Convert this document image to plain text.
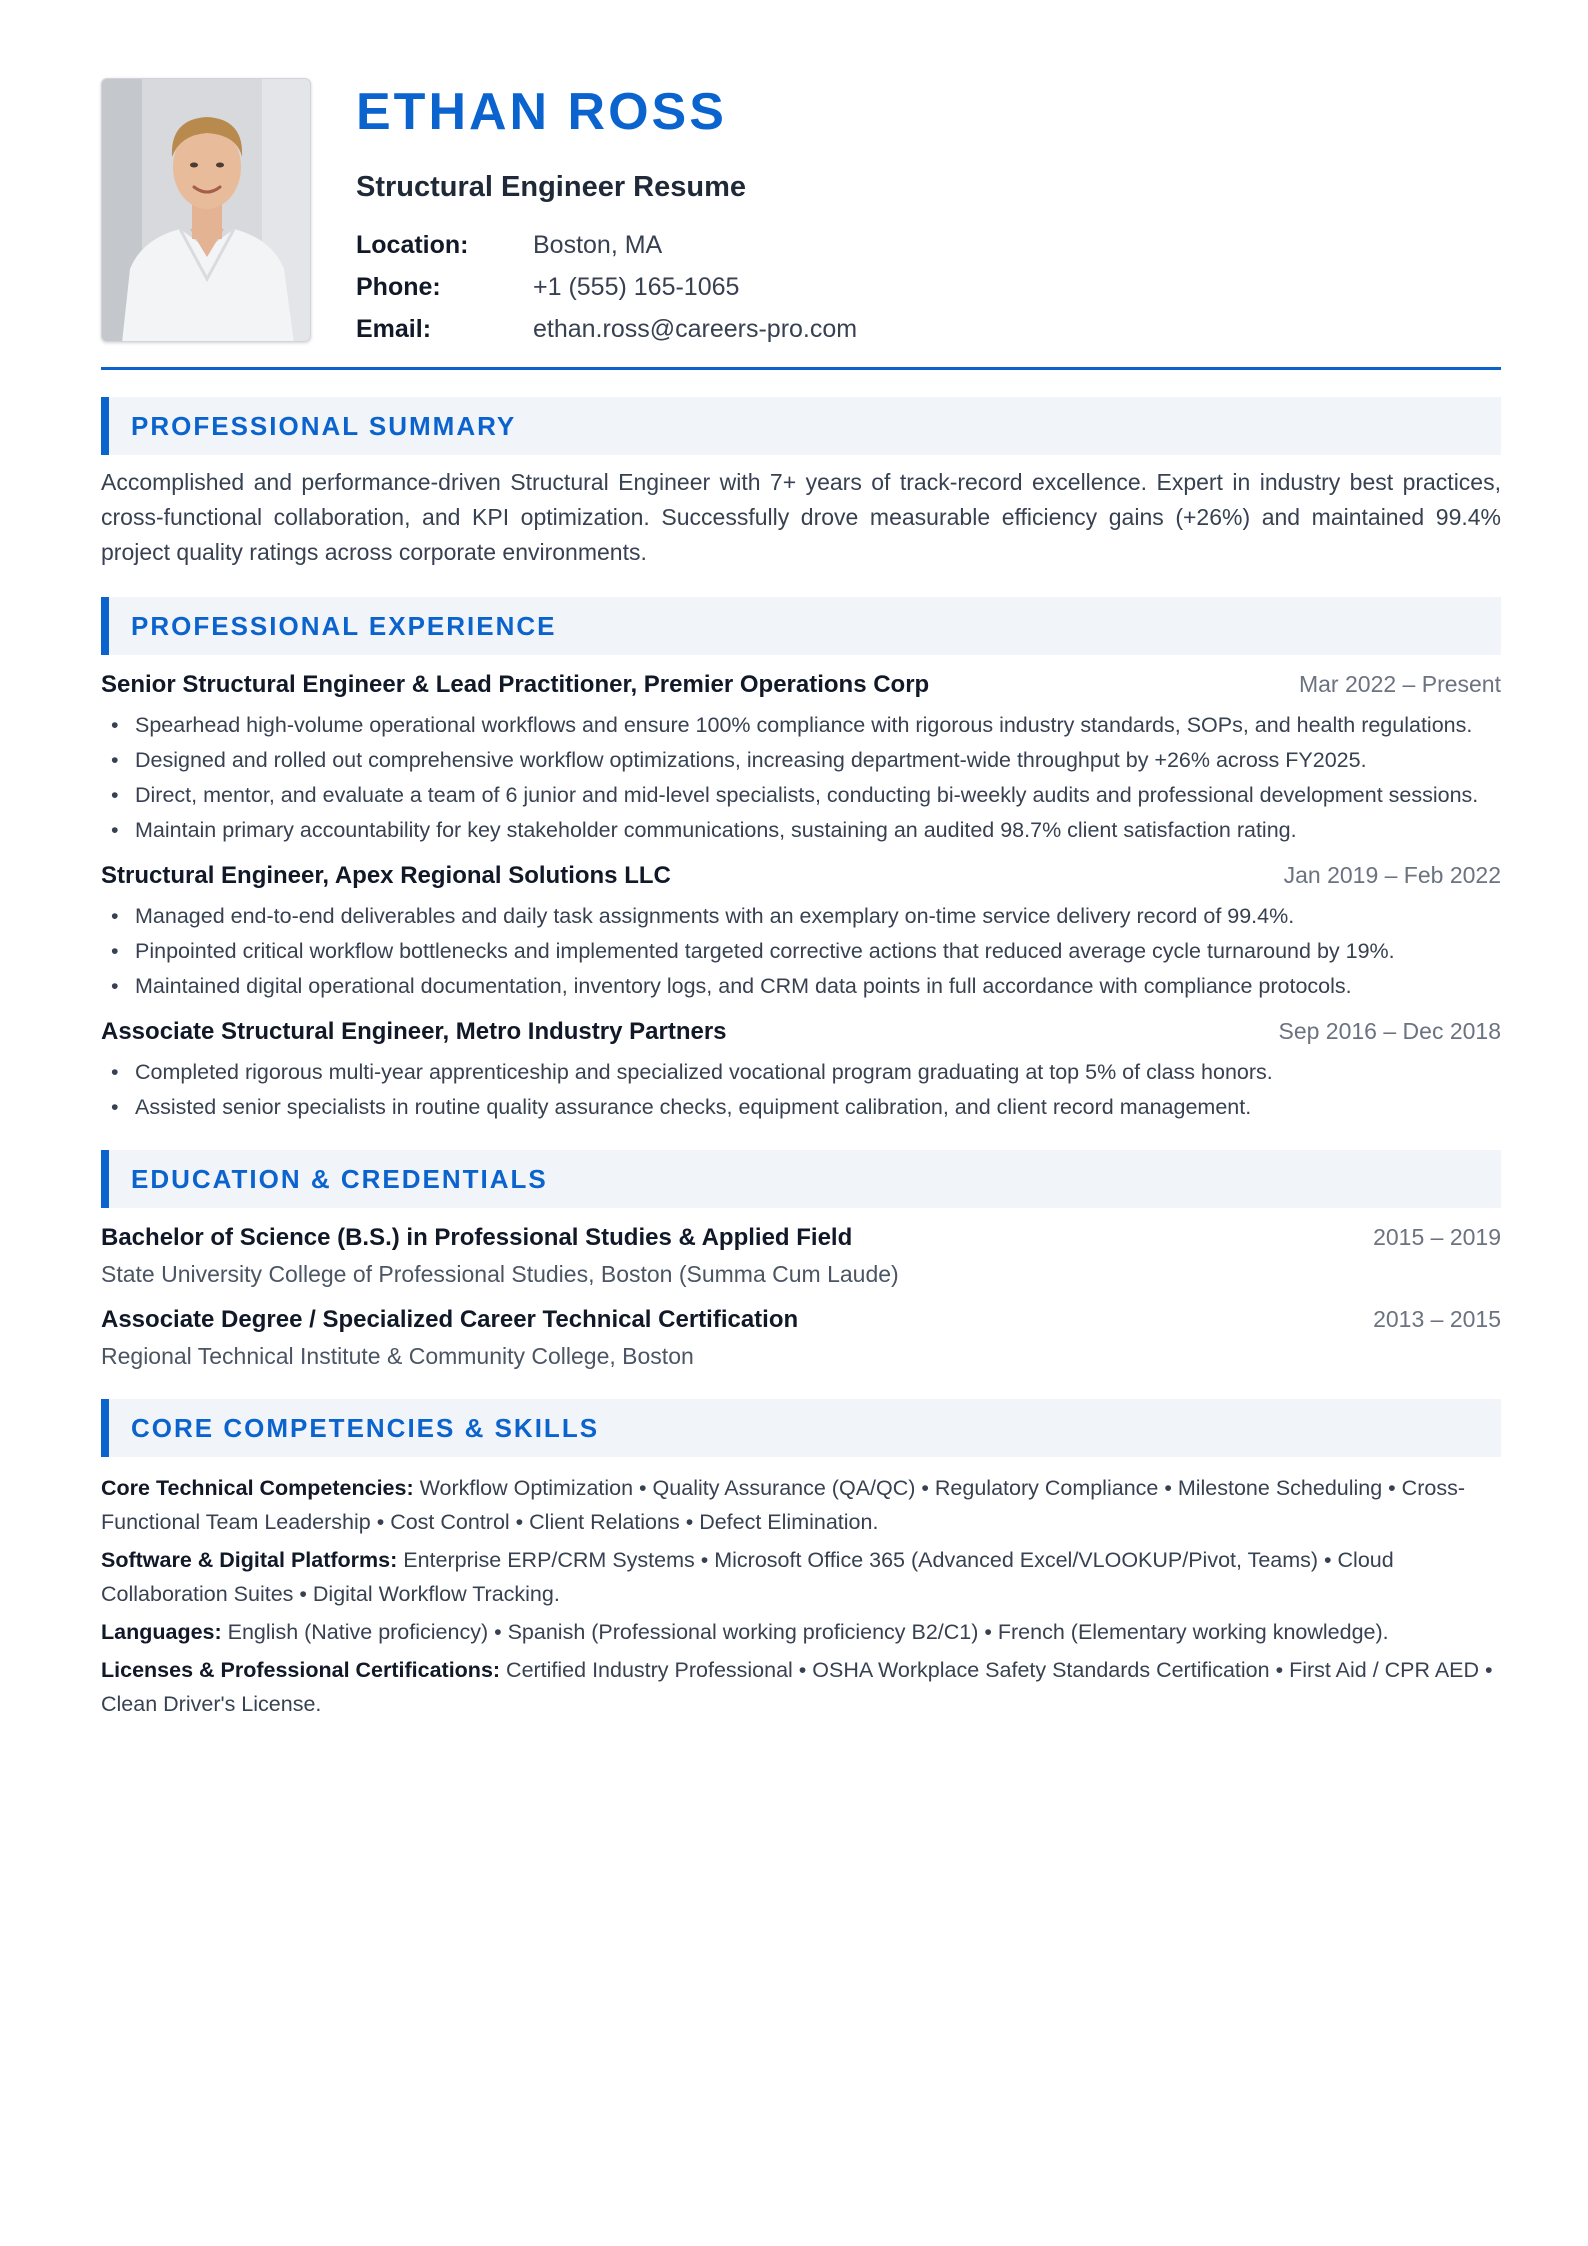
ETHAN ROSS
Structural Engineer Resume
Location:	Boston, MA
Phone:	+1 (555) 165-1065
Email:	ethan.ross@careers-pro.com
PROFESSIONAL SUMMARY

Accomplished and performance-driven Structural Engineer with 7+ years of track-record excellence. Expert in industry best practices, cross-functional collaboration, and KPI optimization. Successfully drove measurable efficiency gains (+26%) and maintained 99.4% project quality ratings across corporate environments.

PROFESSIONAL EXPERIENCE
Senior Structural Engineer & Lead Practitioner, Premier Operations Corp	Mar 2022 – Present
• Spearhead high-volume operational workflows and ensure 100% compliance with rigorous industry standards, SOPs, and health regulations.
• Designed and rolled out comprehensive workflow optimizations, increasing department-wide throughput by +26% across FY2025.
• Direct, mentor, and evaluate a team of 6 junior and mid-level specialists, conducting bi-weekly audits and professional development sessions.
• Maintain primary accountability for key stakeholder communications, sustaining an audited 98.7% client satisfaction rating.
Structural Engineer, Apex Regional Solutions LLC	Jan 2019 – Feb 2022
• Managed end-to-end deliverables and daily task assignments with an exemplary on-time service delivery record of 99.4%.
• Pinpointed critical workflow bottlenecks and implemented targeted corrective actions that reduced average cycle turnaround by 19%.
• Maintained digital operational documentation, inventory logs, and CRM data points in full accordance with compliance protocols.
Associate Structural Engineer, Metro Industry Partners	Sep 2016 – Dec 2018
• Completed rigorous multi-year apprenticeship and specialized vocational program graduating at top 5% of class honors.
• Assisted senior specialists in routine quality assurance checks, equipment calibration, and client record management.
EDUCATION & CREDENTIALS
Bachelor of Science (B.S.) in Professional Studies & Applied Field	2015 – 2019
State University College of Professional Studies, Boston (Summa Cum Laude)
Associate Degree / Specialized Career Technical Certification	2013 – 2015
Regional Technical Institute & Community College, Boston
CORE COMPETENCIES & SKILLS

Core Technical Competencies: Workflow Optimization • Quality Assurance (QA/QC) • Regulatory Compliance • Milestone Scheduling • Cross-Functional Team Leadership • Cost Control • Client Relations • Defect Elimination.

Software & Digital Platforms: Enterprise ERP/CRM Systems • Microsoft Office 365 (Advanced Excel/VLOOKUP/Pivot, Teams) • Cloud Collaboration Suites • Digital Workflow Tracking.

Languages: English (Native proficiency) • Spanish (Professional working proficiency B2/C1) • French (Elementary working knowledge).

Licenses & Professional Certifications: Certified Industry Professional • OSHA Workplace Safety Standards Certification • First Aid / CPR AED • Clean Driver's License.
